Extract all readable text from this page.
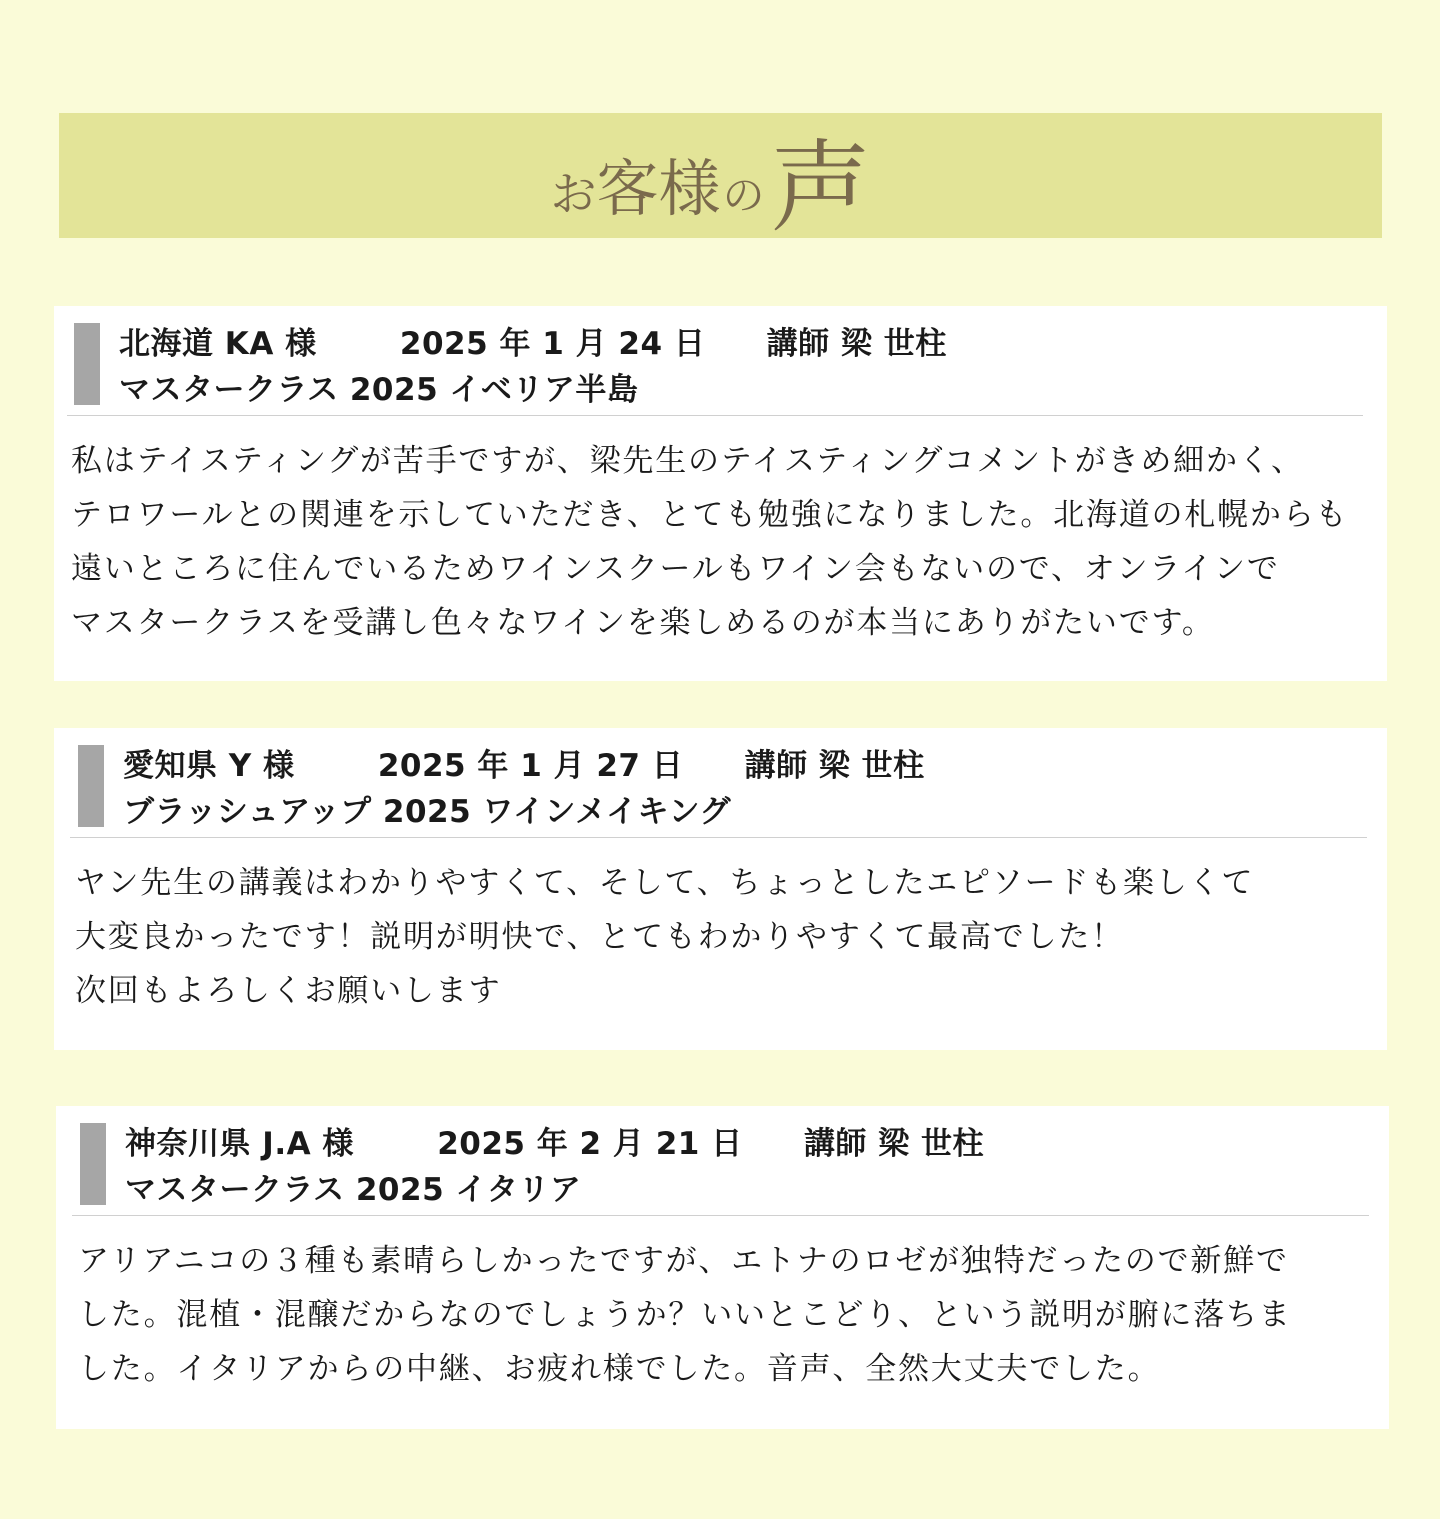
お 客様 の 声
北海道 KA 様	2025 年 1 月 24 日 講師 梁 世柱
マスタークラス 2025 イベリア半島
私はテイスティングが苦手ですが、梁先生のテイスティングコメントがきめ細かく、
テロワールとの関連を示していただき、とても勉強になりました。北海道の札幌からも
遠いところに住んでいるためワインスクールもワイン会もないので、オンラインで
マスタークラスを受講し色々なワインを楽しめるのが本当にありがたいです。
愛知県 Y 様	2025 年 1 月 27 日 講師 梁 世柱
ブラッシュアップ 2025 ワインメイキング
ヤン先生の講義はわかりやすくて、そして、ちょっとしたエピソードも楽しくて
大変良かったです！説明が明快で、とてもわかりやすくて最高でした！
次回もよろしくお願いします
神奈川県 J.A 様	2025 年 2 月 21 日 講師 梁 世柱
マスタークラス 2025 イタリア
アリアニコの３種も素晴らしかったですが、エトナのロゼが独特だったので新鮮で
した。混植・混醸だからなのでしょうか？いいとこどり、という説明が腑に落ちま
した。イタリアからの中継、お疲れ様でした。音声、全然大丈夫でした。
